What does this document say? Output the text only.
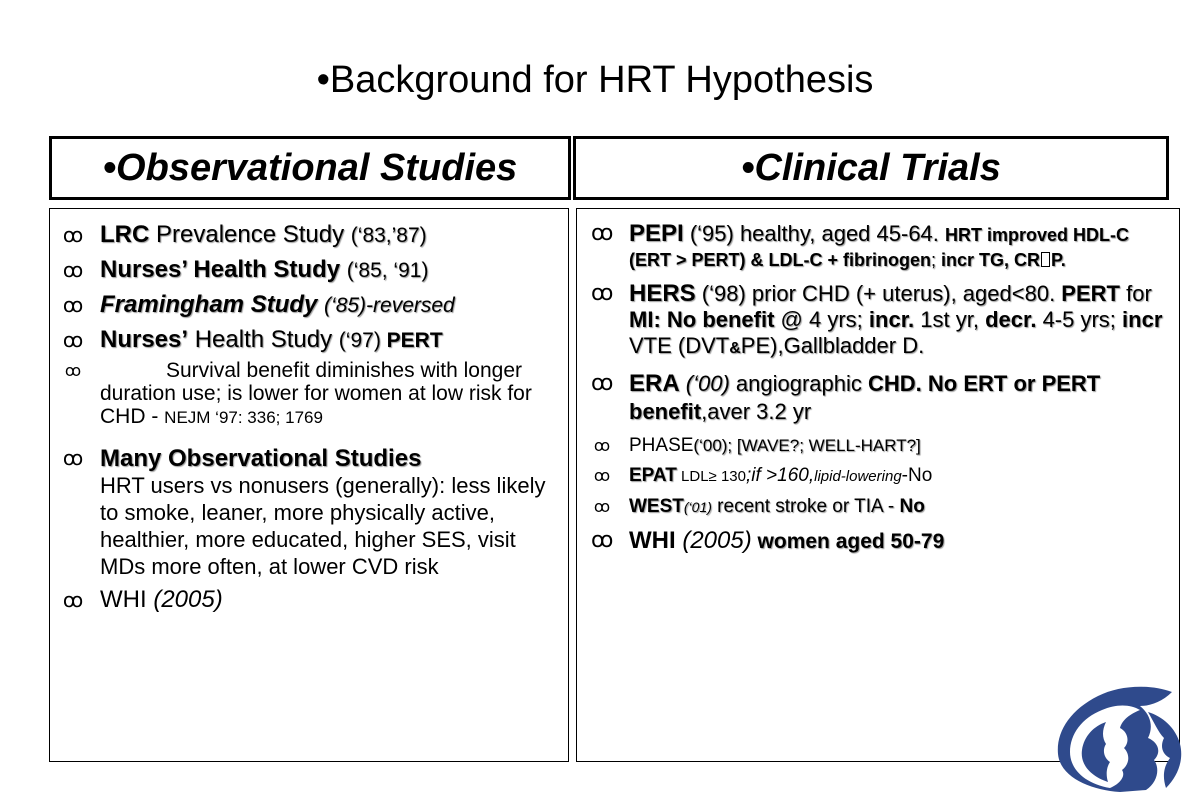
•Background for HRT Hypothesis
•Observational Studies	•Clinical Trials
ꝏ LRC Prevalence Study (‘83,’87)
ꝏ Nurses’ Health Study (‘85, ‘91)
ꝏ Framingham Study (‘85)-reversed
ꝏ Nurses’ Health Study (‘97) PERT
ꝏ	Survival benefit diminishes with longer duration use; is lower for women at low risk for CHD - NEJM ‘97: 336; 1769
ꝏ Many Observational Studies
HRT users vs nonusers (generally): less likely to smoke, leaner, more physically active, healthier, more educated, higher SES, visit MDs more often, at lower CVD risk
ꝏ WHI (2005)
ꝏ PEPI (‘95) healthy, aged 45-64. HRT improved HDL-C (ERT > PERT) & LDL-C + fibrinogen; incr TG, CR P.
ꝏ HERS (‘98) prior CHD (+ uterus), aged<80. PERT for MI: No benefit @ 4 yrs; incr. 1st yr, decr. 4-5 yrs; incr VTE (DVT&PE),Gallbladder D.
ꝏ ERA (‘00) angiographic CHD. No ERT or PERT benefit,aver 3.2 yr
ꝏ PHASE(‘00); [WAVE?; WELL-HART?]
ꝏ EPAT LDL≥ 130;if >160,lipid-lowering-No
ꝏ WEST(‘01) recent stroke or TIA - No
ꝏ WHI (2005) women aged 50-79
